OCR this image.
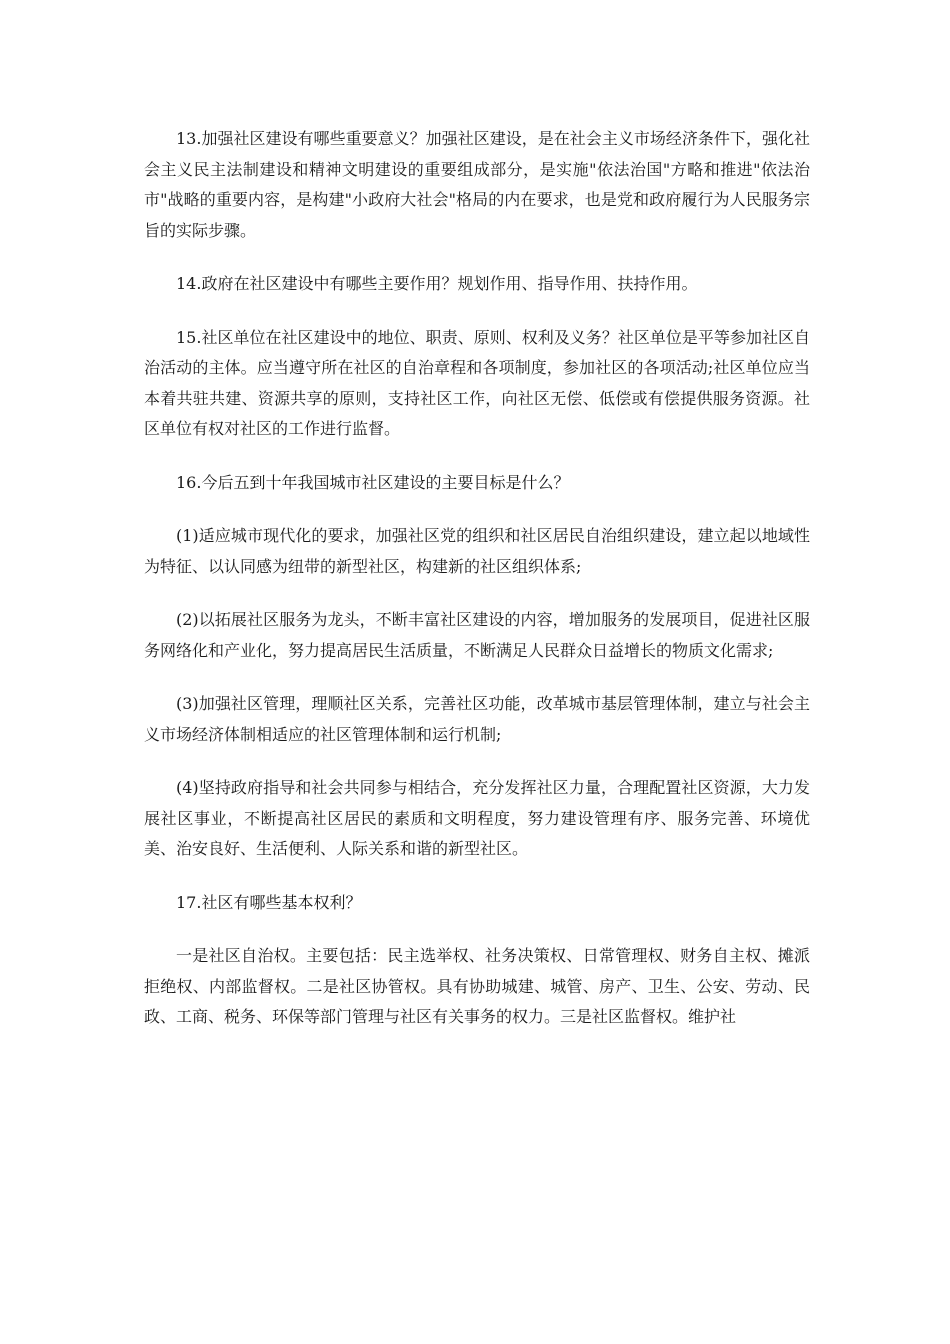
13.加强社区建设有哪些重要意义？加强社区建设，是在社会主义市场经济条件下，强化社会主义民主法制建设和精神文明建设的重要组成部分，是实施"依法治国"方略和推进"依法治市"战略的重要内容，是构建"小政府大社会"格局的内在要求，也是党和政府履行为人民服务宗旨的实际步骤。

14.政府在社区建设中有哪些主要作用？规划作用、指导作用、扶持作用。

15.社区单位在社区建设中的地位、职责、原则、权利及义务？社区单位是平等参加社区自治活动的主体。应当遵守所在社区的自治章程和各项制度，参加社区的各项活动;社区单位应当本着共驻共建、资源共享的原则，支持社区工作，向社区无偿、低偿或有偿提供服务资源。社区单位有权对社区的工作进行监督。

16.今后五到十年我国城市社区建设的主要目标是什么？

(1)适应城市现代化的要求，加强社区党的组织和社区居民自治组织建设，建立起以地域性为特征、以认同感为纽带的新型社区，构建新的社区组织体系;

(2)以拓展社区服务为龙头，不断丰富社区建设的内容，增加服务的发展项目，促进社区服务网络化和产业化，努力提高居民生活质量，不断满足人民群众日益增长的物质文化需求;

(3)加强社区管理，理顺社区关系，完善社区功能，改革城市基层管理体制，建立与社会主义市场经济体制相适应的社区管理体制和运行机制;

(4)坚持政府指导和社会共同参与相结合，充分发挥社区力量，合理配置社区资源，大力发展社区事业，不断提高社区居民的素质和文明程度，努力建设管理有序、服务完善、环境优美、治安良好、生活便利、人际关系和谐的新型社区。

17.社区有哪些基本权利？

一是社区自治权。主要包括：民主选举权、社务决策权、日常管理权、财务自主权、摊派拒绝权、内部监督权。二是社区协管权。具有协助城建、城管、房产、卫生、公安、劳动、民政、工商、税务、环保等部门管理与社区有关事务的权力。三是社区监督权。维护社
